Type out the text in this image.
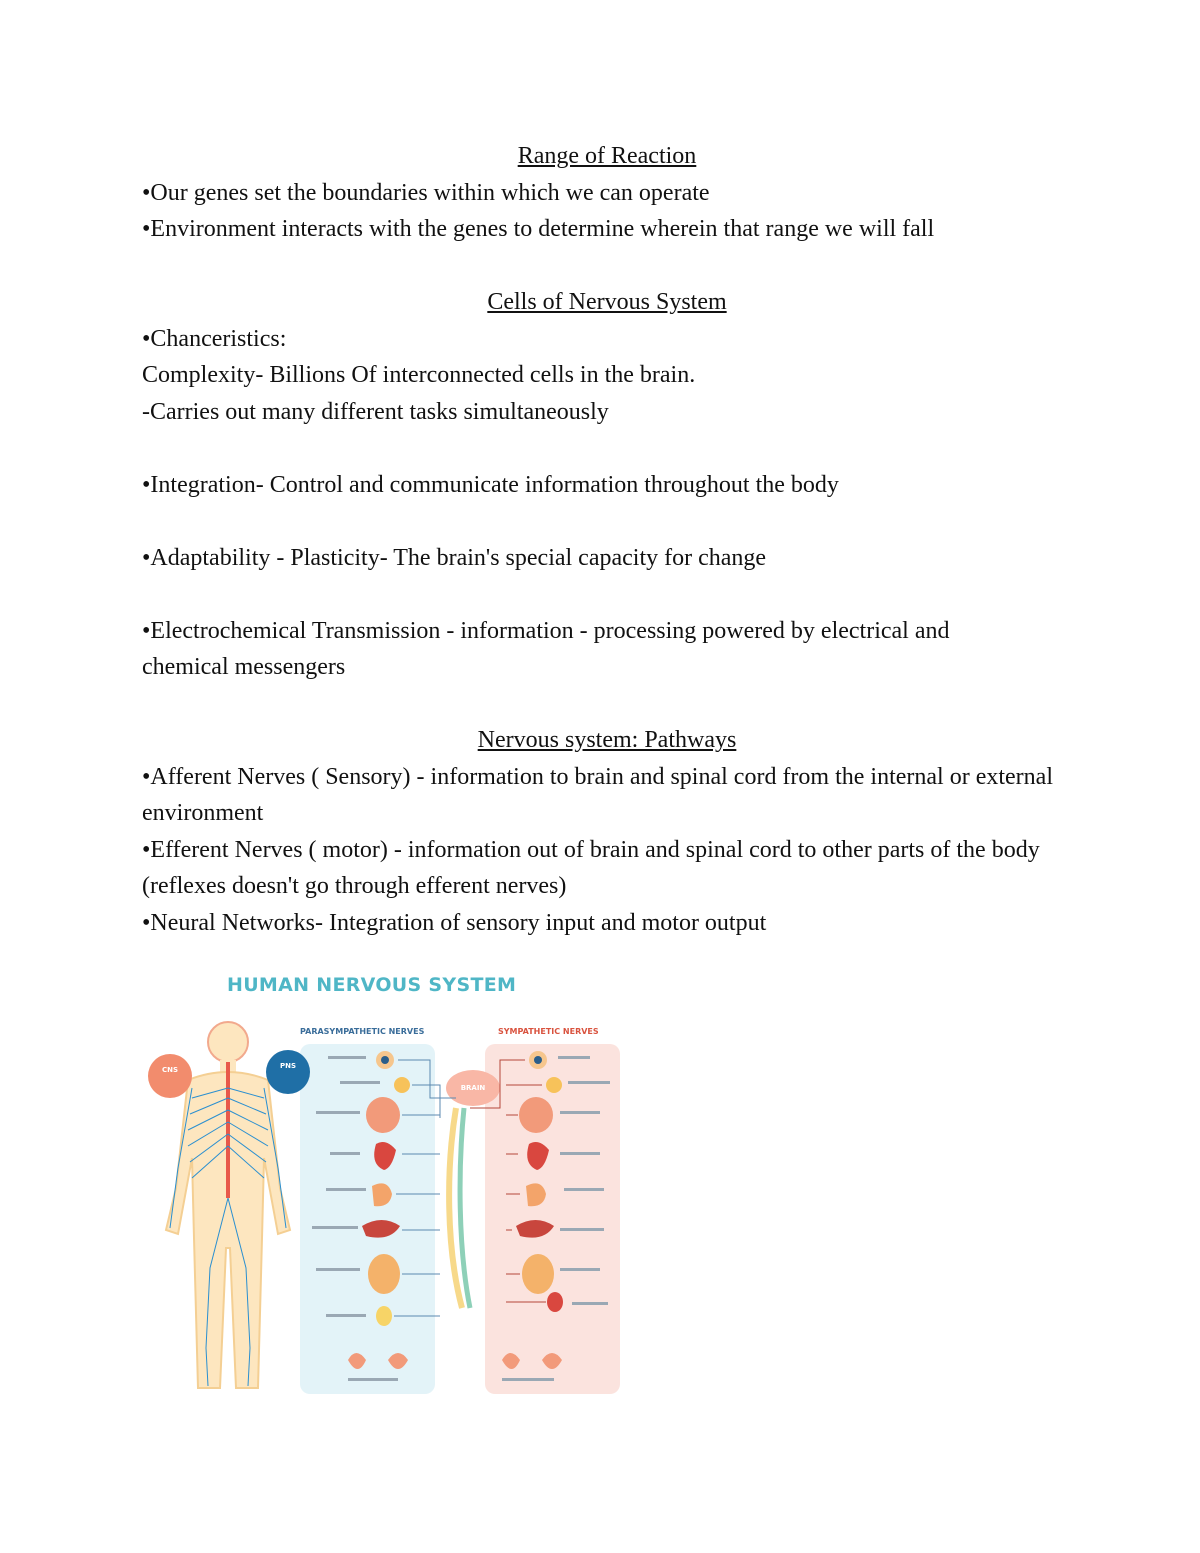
Range of Reaction

•Our genes set the boundaries within which we can operate

•Environment interacts with the genes to determine wherein that range we will fall

Cells of Nervous System

•Chanceristics:

Complexity- Billions Of interconnected cells in the brain.

-Carries out many different tasks simultaneously

•Integration- Control and communicate information throughout the body

•Adaptability - Plasticity- The brain's special capacity for change

•Electrochemical Transmission - information - processing powered by electrical and chemical messengers

Nervous system: Pathways

•Afferent Nerves ( Sensory) - information to brain and spinal cord from the internal or external environment

•Efferent Nerves ( motor) - information out of brain and spinal cord to other parts of the body (reflexes doesn't go through efferent nerves)

•Neural Networks- Integration of sensory input and motor output

HUMAN NERVOUS SYSTEM
PARASYMPATHETIC NERVES	SYMPATHETIC NERVES
CNS	PNS
BRAIN
